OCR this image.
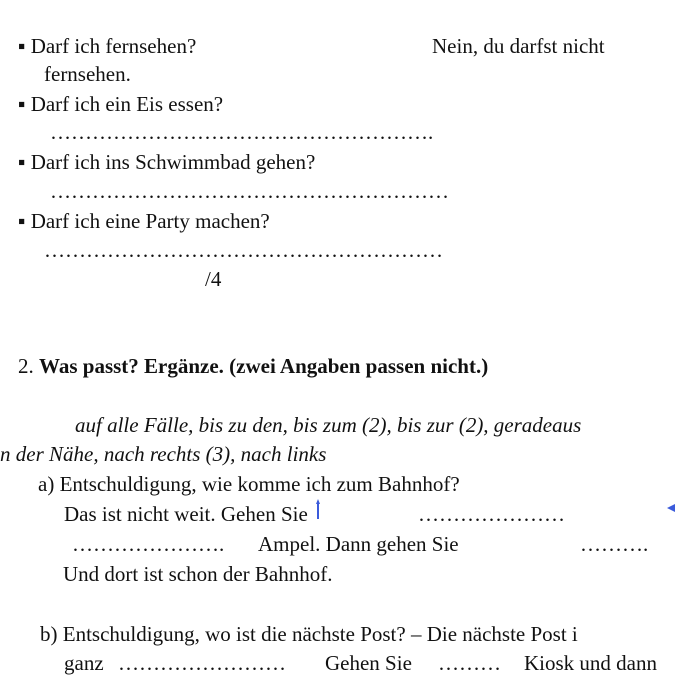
▪ Darf ich fernsehen?	Nein, du darfst nicht
fernsehen.
▪ Darf ich ein Eis essen?
……………………………………………….
▪ Darf ich ins Schwimmbad gehen?
…………………………………………………
▪ Darf ich eine Party machen?
…………………………………………………
/4
2. Was passt? Ergänze. (zwei Angaben passen nicht.)
auf alle Fälle, bis zu den, bis zum (2), bis zur (2), geradeaus
n der Nähe, nach rechts (3), nach links
a) Entschuldigung, wie komme ich zum Bahnhof?
Das ist nicht weit. Gehen Sie	…………………
…………………. Ampel. Dann gehen Sie	……….
Und dort ist schon der Bahnhof.
b) Entschuldigung, wo ist die nächste Post? – Die nächste Post i
ganz …………………… Gehen Sie ……… Kiosk und dann
